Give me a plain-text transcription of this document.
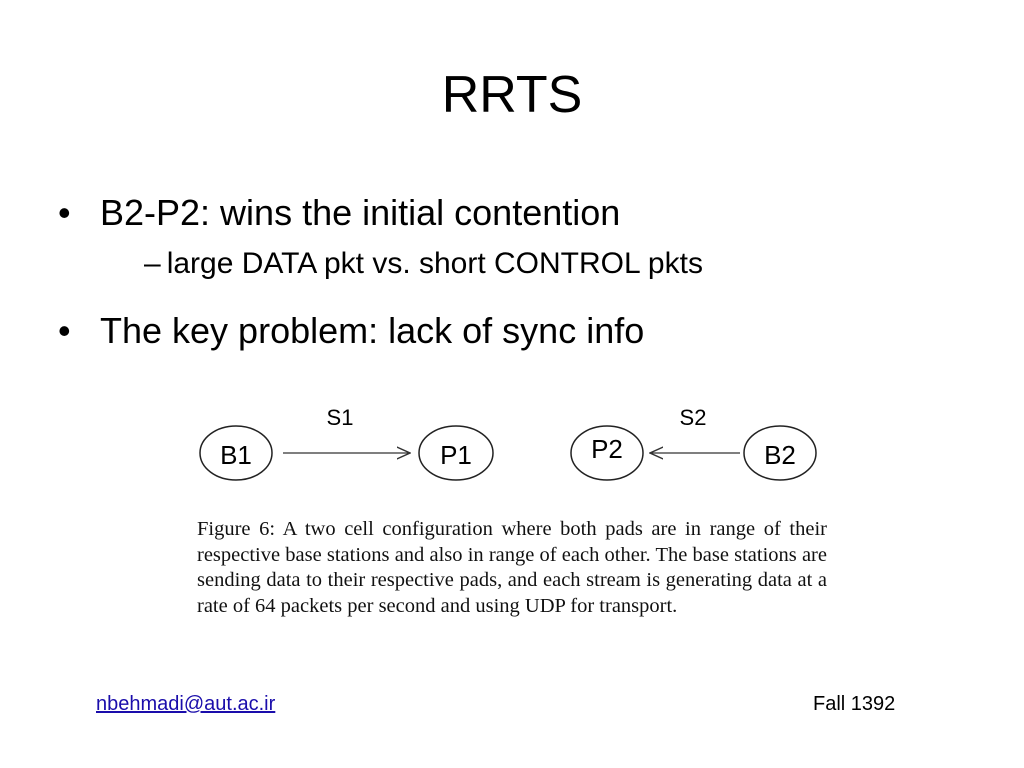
RRTS
• B2-P2: wins the initial contention
– large DATA pkt vs. short CONTROL pkts
• The key problem: lack of sync info
B1	P1
S1
P2	B2
S2
Figure 6: A two cell configuration where both pads are in range of their respective base stations and also in range of each other. The base stations are sending data to their respective pads, and each stream is generating data at a rate of 64 packets per second and using UDP for transport.
nbehmadi@aut.ac.ir	Fall 1392
